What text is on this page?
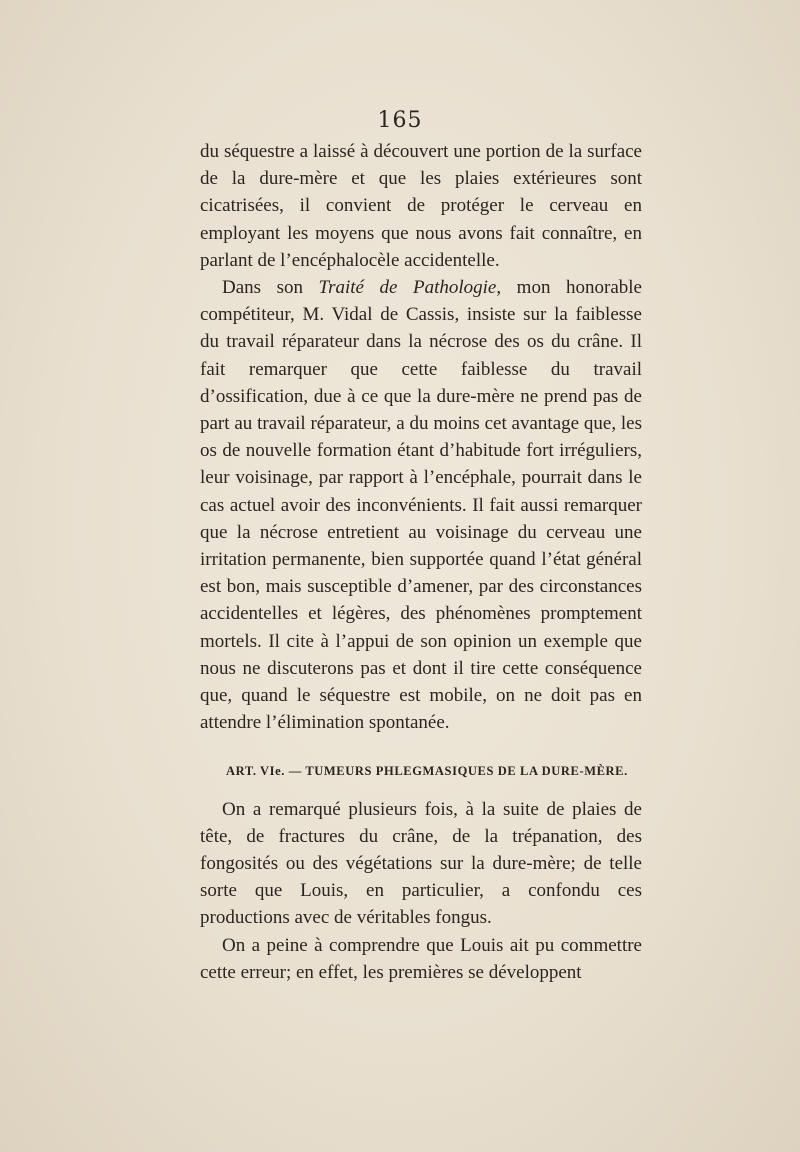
165

du séquestre a laissé à découvert une portion de la surface de la dure-mère et que les plaies extérieures sont cicatrisées, il convient de protéger le cerveau en employant les moyens que nous avons fait connaître, en parlant de l’encéphalocèle accidentelle.

Dans son Traité de Pathologie, mon honorable compétiteur, M. Vidal de Cassis, insiste sur la faiblesse du travail réparateur dans la nécrose des os du crâne. Il fait remarquer que cette faiblesse du travail d’ossification, due à ce que la dure-mère ne prend pas de part au travail réparateur, a du moins cet avantage que, les os de nouvelle formation étant d’habitude fort irréguliers, leur voisinage, par rapport à l’encéphale, pourrait dans le cas actuel avoir des inconvénients. Il fait aussi remarquer que la nécrose entretient au voisinage du cerveau une irritation permanente, bien supportée quand l’état général est bon, mais susceptible d’amener, par des circonstances accidentelles et légères, des phénomènes promptement mortels. Il cite à l’appui de son opinion un exemple que nous ne discuterons pas et dont il tire cette conséquence que, quand le séquestre est mobile, on ne doit pas en attendre l’élimination spontanée.

ART. VIe. — TUMEURS PHLEGMASIQUES DE LA DURE-MÈRE.

On a remarqué plusieurs fois, à la suite de plaies de tête, de fractures du crâne, de la trépanation, des fongosités ou des végétations sur la dure-mère; de telle sorte que Louis, en particulier, a confondu ces productions avec de véritables fongus.

On a peine à comprendre que Louis ait pu commettre cette erreur; en effet, les premières se développent
